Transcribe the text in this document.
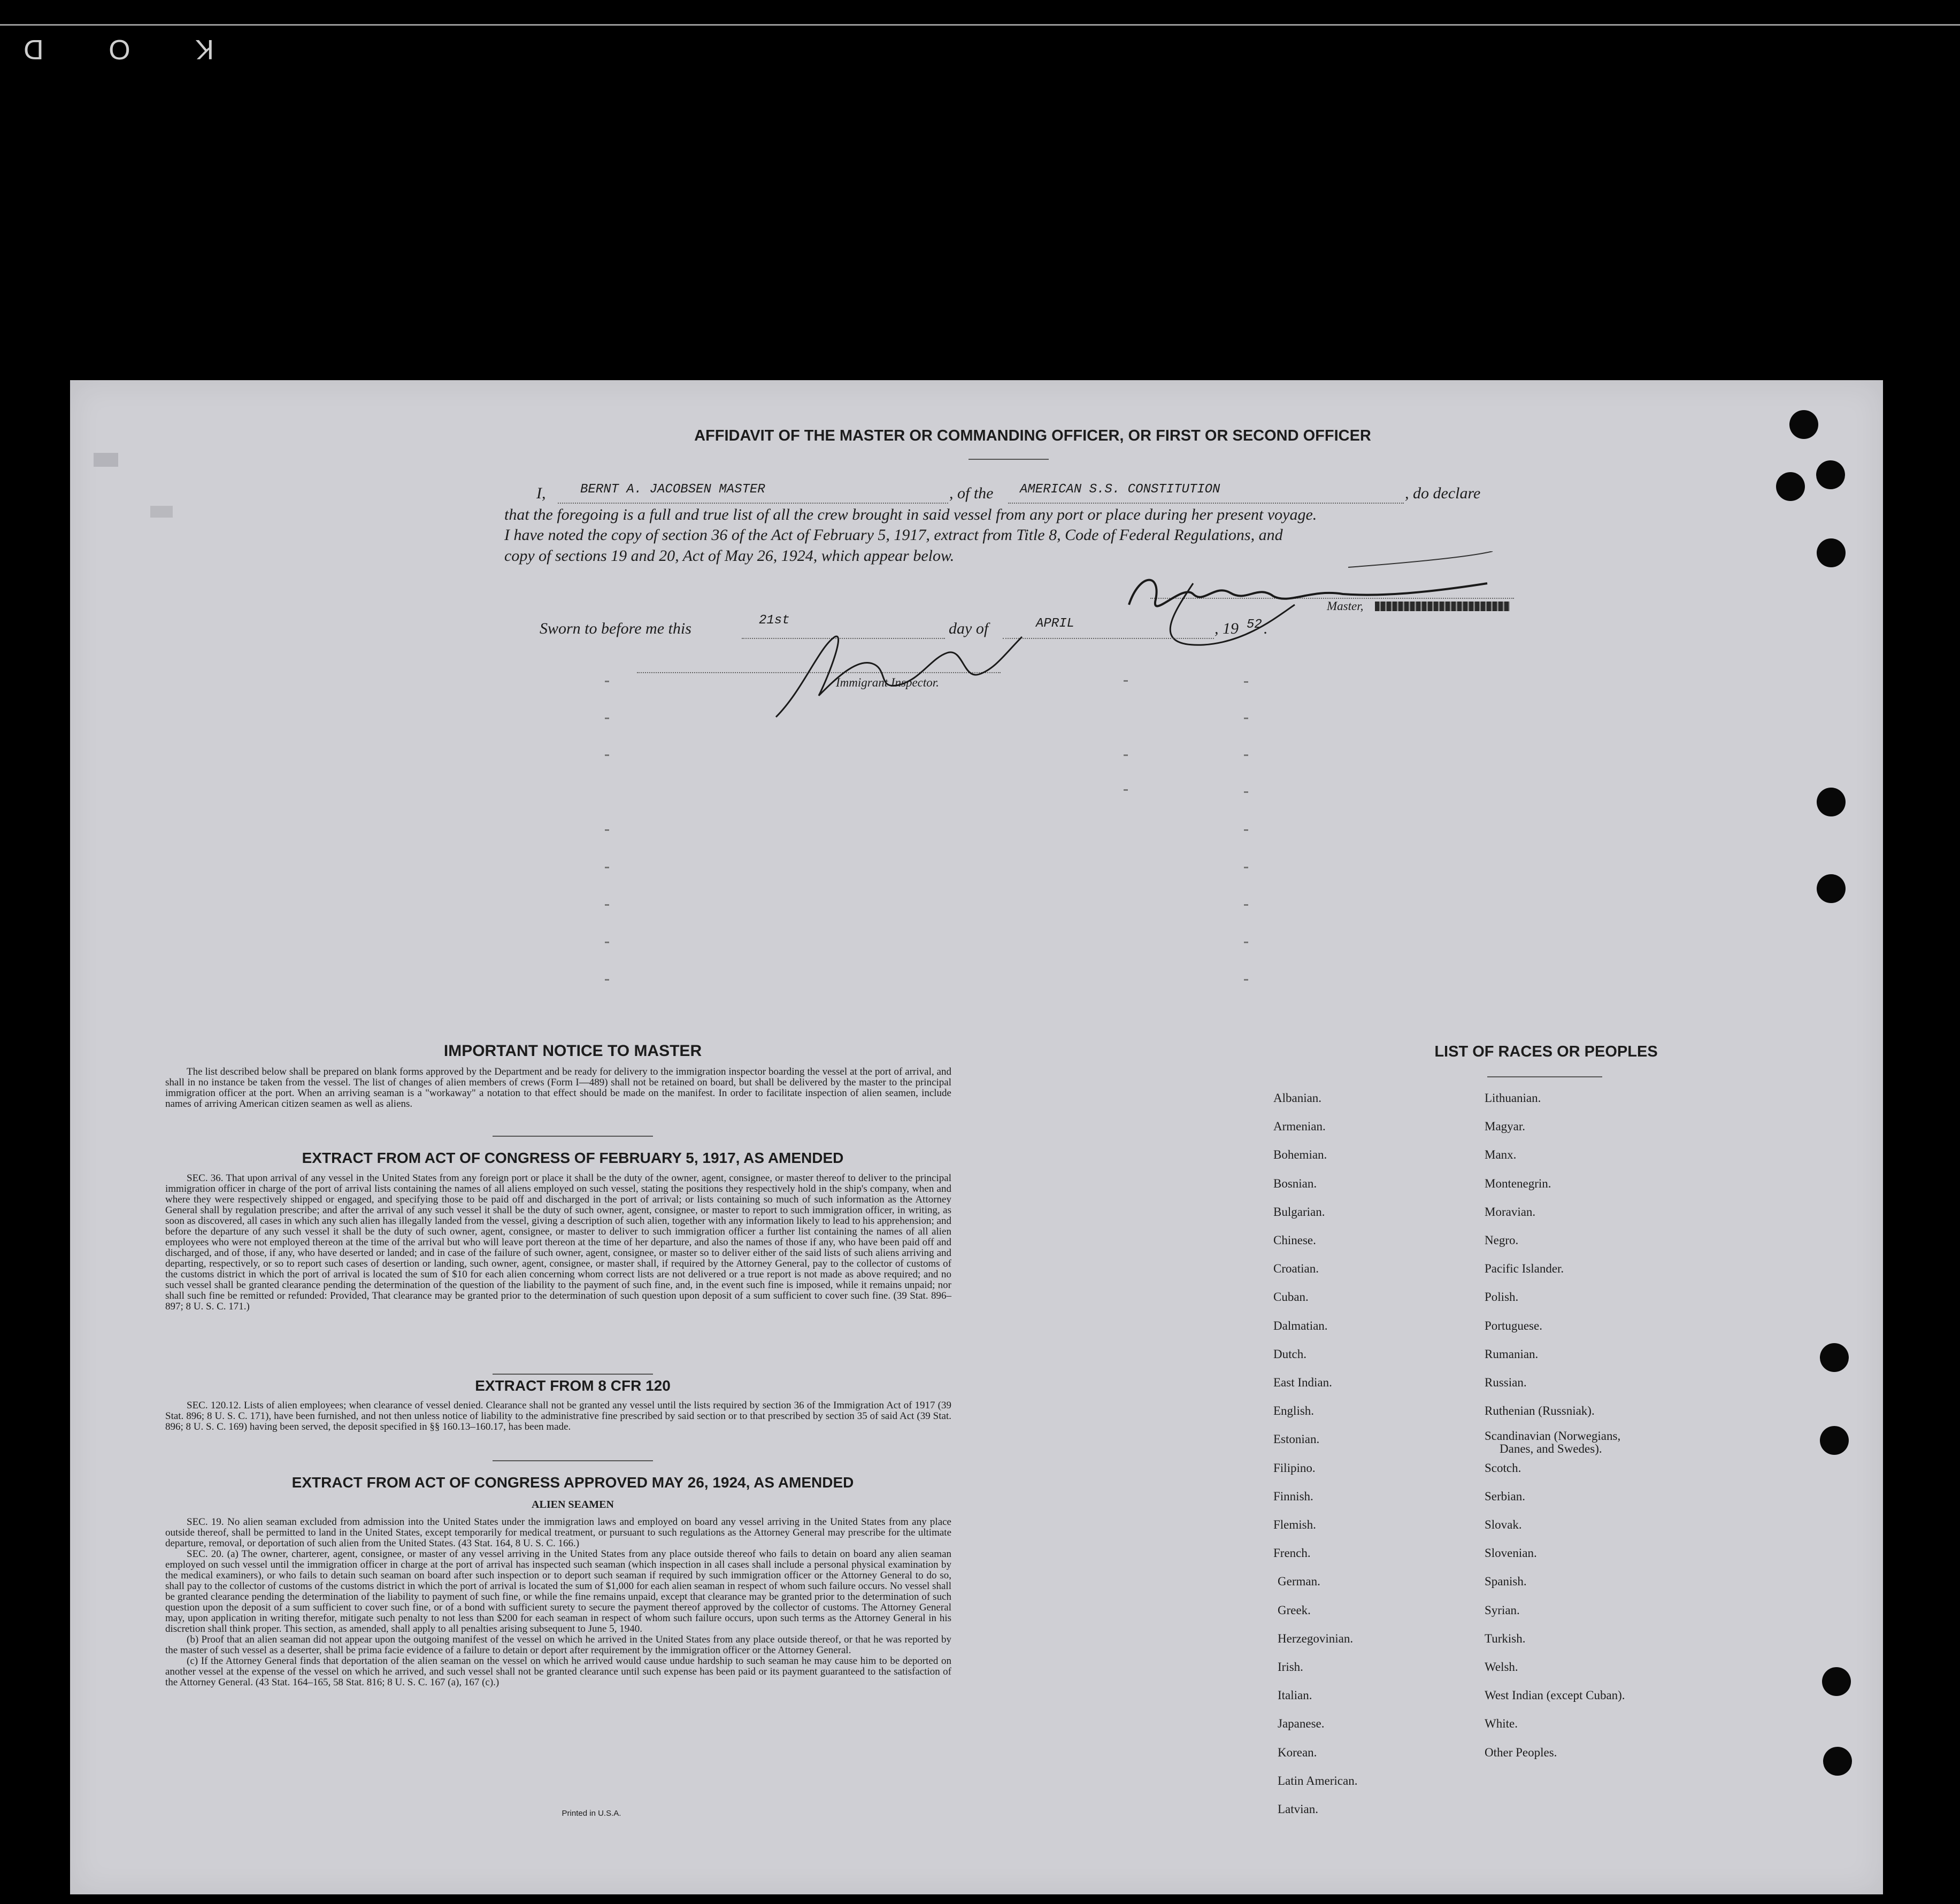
K
O
D
AFFIDAVIT OF THE MASTER OR COMMANDING OFFICER, OR FIRST OR SECOND OFFICER
I,	BERNT A. JACOBSEN MASTER	, of the AMERICAN S.S. CONSTITUTION	, do declare
that the foregoing is a full and true list of all the crew brought in said vessel from any port or place during her present voyage.
I have noted the copy of section 36 of the Act of February 5, 1917, extract from Title 8, Code of Federal Regulations, and
copy of sections 19 and 20, Act of May 26, 1924, which appear below.
Master,
Sworn to before me this	21st	day of	APRIL	, 19 52 .
Immigrant Inspector.
IMPORTANT NOTICE TO MASTER

The list described below shall be prepared on blank forms approved by the Department and be ready for delivery to the immigration inspector boarding the vessel at the port of arrival, and shall in no instance be taken from the vessel. The list of changes of alien members of crews (Form I—489) shall not be retained on board, but shall be delivered by the master to the principal immigration officer at the port. When an arriving seaman is a "workaway" a notation to that effect should be made on the manifest. In order to facilitate inspection of alien seamen, include names of arriving American citizen seamen as well as aliens.

EXTRACT FROM ACT OF CONGRESS OF FEBRUARY 5, 1917, AS AMENDED

SEC. 36. That upon arrival of any vessel in the United States from any foreign port or place it shall be the duty of the owner, agent, consignee, or master thereof to deliver to the principal immigration officer in charge of the port of arrival lists containing the names of all aliens employed on such vessel, stating the positions they respectively hold in the ship's company, when and where they were respectively shipped or engaged, and specifying those to be paid off and discharged in the port of arrival; or lists containing so much of such information as the Attorney General shall by regulation prescribe; and after the arrival of any such vessel it shall be the duty of such owner, agent, consignee, or master to report to such immigration officer, in writing, as soon as discovered, all cases in which any such alien has illegally landed from the vessel, giving a description of such alien, together with any information likely to lead to his apprehension; and before the departure of any such vessel it shall be the duty of such owner, agent, consignee, or master to deliver to such immigration officer a further list containing the names of all alien employees who were not employed thereon at the time of the arrival but who will leave port thereon at the time of her departure, and also the names of those if any, who have been paid off and discharged, and of those, if any, who have deserted or landed; and in case of the failure of such owner, agent, consignee, or master so to deliver either of the said lists of such aliens arriving and departing, respectively, or so to report such cases of desertion or landing, such owner, agent, consignee, or master shall, if required by the Attorney General, pay to the collector of customs of the customs district in which the port of arrival is located the sum of $10 for each alien concerning whom correct lists are not delivered or a true report is not made as above required; and no such vessel shall be granted clearance pending the determination of the question of the liability to the payment of such fine, and, in the event such fine is imposed, while it remains unpaid; nor shall such fine be remitted or refunded: Provided, That clearance may be granted prior to the determination of such question upon deposit of a sum sufficient to cover such fine. (39 Stat. 896–897; 8 U. S. C. 171.)

EXTRACT FROM 8 CFR 120

SEC. 120.12. Lists of alien employees; when clearance of vessel denied. Clearance shall not be granted any vessel until the lists required by section 36 of the Immigration Act of 1917 (39 Stat. 896; 8 U. S. C. 171), have been furnished, and not then unless notice of liability to the administrative fine prescribed by said section or to that prescribed by section 35 of said Act (39 Stat. 896; 8 U. S. C. 169) having been served, the deposit specified in §§ 160.13–160.17, has been made.

EXTRACT FROM ACT OF CONGRESS APPROVED MAY 26, 1924, AS AMENDED
ALIEN SEAMEN

SEC. 19. No alien seaman excluded from admission into the United States under the immigration laws and employed on board any vessel arriving in the United States from any place outside thereof, shall be permitted to land in the United States, except temporarily for medical treatment, or pursuant to such regulations as the Attorney General may prescribe for the ultimate departure, removal, or deportation of such alien from the United States. (43 Stat. 164, 8 U. S. C. 166.)

SEC. 20. (a) The owner, charterer, agent, consignee, or master of any vessel arriving in the United States from any place outside thereof who fails to detain on board any alien seaman employed on such vessel until the immigration officer in charge at the port of arrival has inspected such seaman (which inspection in all cases shall include a personal physical examination by the medical examiners), or who fails to detain such seaman on board after such inspection or to deport such seaman if required by such immigration officer or the Attorney General to do so, shall pay to the collector of customs of the customs district in which the port of arrival is located the sum of $1,000 for each alien seaman in respect of whom such failure occurs. No vessel shall be granted clearance pending the determination of the liability to payment of such fine, or while the fine remains unpaid, except that clearance may be granted prior to the determination of such question upon the deposit of a sum sufficient to cover such fine, or of a bond with sufficient surety to secure the payment thereof approved by the collector of customs. The Attorney General may, upon application in writing therefor, mitigate such penalty to not less than $200 for each seaman in respect of whom such failure occurs, upon such terms as the Attorney General in his discretion shall think proper. This section, as amended, shall apply to all penalties arising subsequent to June 5, 1940.

(b) Proof that an alien seaman did not appear upon the outgoing manifest of the vessel on which he arrived in the United States from any place outside thereof, or that he was reported by the master of such vessel as a deserter, shall be prima facie evidence of a failure to detain or deport after requirement by the immigration officer or the Attorney General.

(c) If the Attorney General finds that deportation of the alien seaman on the vessel on which he arrived would cause undue hardship to such seaman he may cause him to be deported on another vessel at the expense of the vessel on which he arrived, and such vessel shall not be granted clearance until such expense has been paid or its payment guaranteed to the satisfaction of the Attorney General. (43 Stat. 164–165, 58 Stat. 816; 8 U. S. C. 167 (a), 167 (c).)

Printed in U.S.A.
LIST OF RACES OR PEOPLES
Albanian.
Armenian.
Bohemian.
Bosnian.
Bulgarian.
Chinese.
Croatian.
Cuban.
Dalmatian.
Dutch.
East Indian.
English.
Estonian.
Filipino.
Finnish.
Flemish.
French.
German.
Greek.
Herzegovinian.
Irish.
Italian.
Japanese.
Korean.
Latin American.
Latvian.
Lithuanian.
Magyar.
Manx.
Montenegrin.
Moravian.
Negro.
Pacific Islander.
Polish.
Portuguese.
Rumanian.
Russian.
Ruthenian (Russniak).
Scandinavian (Norwegians,
Scotch.
Serbian.
Slovak.
Slovenian.
Spanish.
Syrian.
Turkish.
Welsh.
West Indian (except Cuban).
White.
Other Peoples.
Danes, and Swedes).
